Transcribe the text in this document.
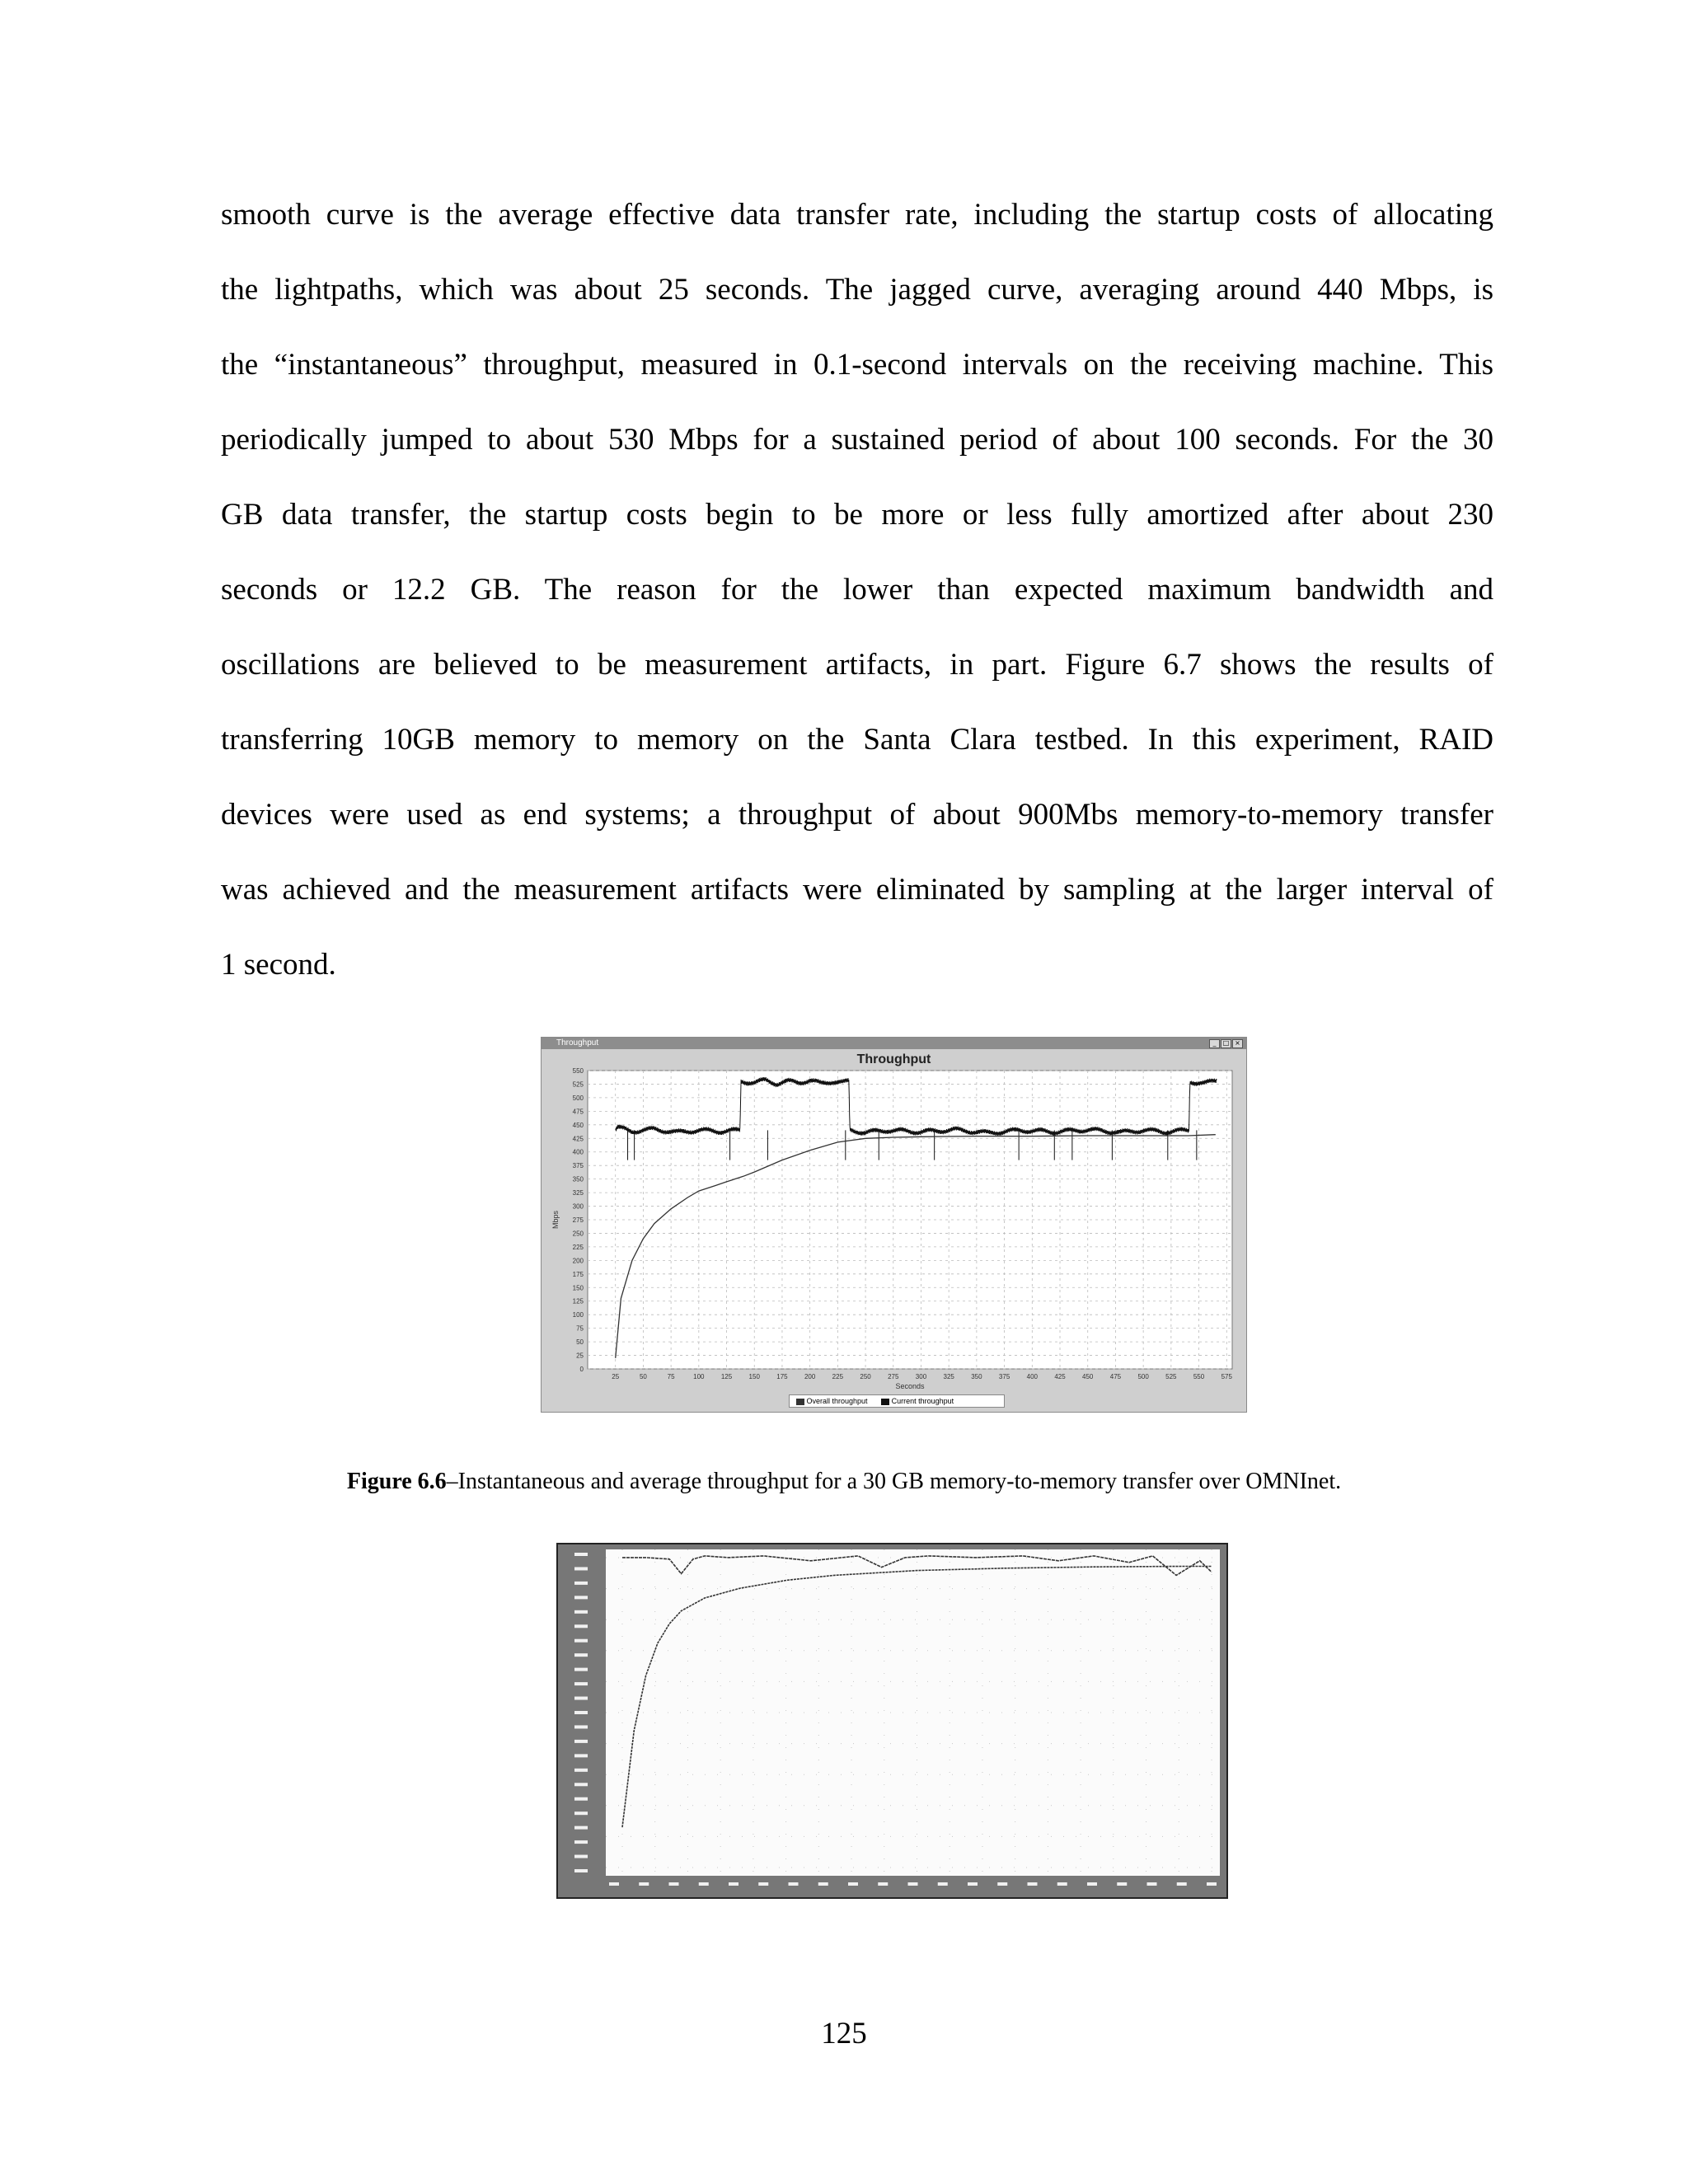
smooth curve is the average effective data transfer rate, including the startup costs of allocating
the lightpaths, which was about 25 seconds. The jagged curve, averaging around 440 Mbps, is
the “instantaneous” throughput, measured in 0.1-second intervals on the receiving machine. This
periodically jumped to about 530 Mbps for a sustained period of about 100 seconds. For the 30
GB data transfer, the startup costs begin to be more or less fully amortized after about 230
seconds or 12.2 GB. The reason for the lower than expected maximum bandwidth and
oscillations are believed to be measurement artifacts, in part. Figure 6.7 shows the results of
transferring 10GB memory to memory on the Santa Clara testbed. In this experiment, RAID
devices were used as end systems; a throughput of about 900Mbs memory-to-memory transfer
was achieved and the measurement artifacts were eliminated by sampling at the larger interval of
1 second.
Throughput	_	□ ×
Throughput
0
25
50
75
100
125
150
175
200
225
250
275
300
325
350
375
400
425
450
475
500
525
550
25	50	75	100	125	150	175	200	225	250	275	300	325	350	375	400	425	450	475	500	525	550	575
Seconds
Mbps
Overall throughput	Current throughput
Figure 6.6–Instantaneous and average throughput for a 30 GB memory-to-memory transfer over OMNInet.
125
